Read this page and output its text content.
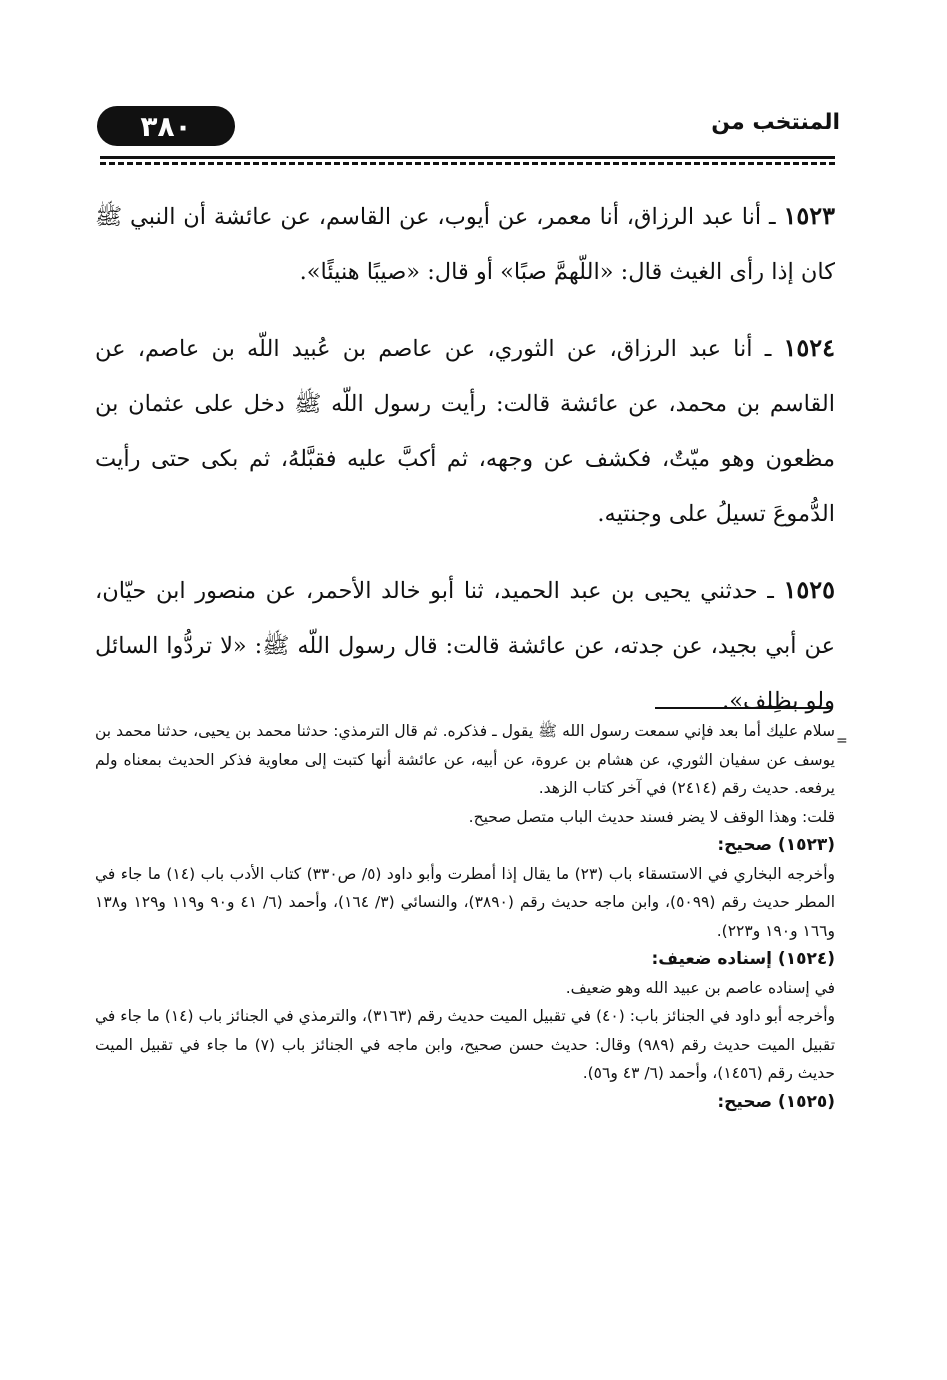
٣٨٠	المنتخب من

١٥٢٣ ـ أنا عبد الرزاق، أنا معمر، عن أيوب، عن القاسم، عن عائشة أن النبي ﷺ كان إذا رأى الغيث قال: «اللّهمَّ صبًا» أو قال: «صيبًا هنيئًا».

١٥٢٤ ـ أنا عبد الرزاق، عن الثوري، عن عاصم بن عُبيد اللّه بن عاصم، عن القاسم بن محمد، عن عائشة قالت: رأيت رسول اللّه ﷺ دخل على عثمان بن مظعون وهو ميّتٌ، فكشف عن وجهه، ثم أكبَّ عليه فقبَّلهُ، ثم بكى حتى رأيت الدُّموعَ تسيلُ على وجنتيه.

١٥٢٥ ـ حدثني يحيى بن عبد الحميد، ثنا أبو خالد الأحمر، عن منصور ابن حيّان، عن أبي بجيد، عن جدته، عن عائشة قالت: قال رسول اللّه ﷺ: «لا تردُّوا السائل ولو بظِلف».

=

سلام عليك أما بعد فإني سمعت رسول الله ﷺ يقول ـ فذكره. ثم قال الترمذي: حدثنا محمد بن يحيى، حدثنا محمد بن يوسف عن سفيان الثوري، عن هشام بن عروة، عن أبيه، عن عائشة أنها كتبت إلى معاوية فذكر الحديث بمعناه ولم يرفعه. حديث رقم (٢٤١٤) في آخر كتاب الزهد.

قلت: وهذا الوقف لا يضر فسند حديث الباب متصل صحيح.

(١٥٢٣) صحيح:

وأخرجه البخاري في الاستسقاء باب (٢٣) ما يقال إذا أمطرت وأبو داود (٥/ ص٣٣٠) كتاب الأدب باب (١٤) ما جاء في المطر حديث رقم (٥٠٩٩)، وابن ماجه حديث رقم (٣٨٩٠)، والنسائي (٣/ ١٦٤)، وأحمد (٦/ ٤١ و٩٠ و١١٩ و١٢٩ و١٣٨ و١٦٦ و١٩٠ و٢٢٣).

(١٥٢٤) إسناده ضعيف:

في إسناده عاصم بن عبيد الله وهو ضعيف.

وأخرجه أبو داود في الجنائز باب: (٤٠) في تقبيل الميت حديث رقم (٣١٦٣)، والترمذي في الجنائز باب (١٤) ما جاء في تقبيل الميت حديث رقم (٩٨٩) وقال: حديث حسن صحيح، وابن ماجه في الجنائز باب (٧) ما جاء في تقبيل الميت حديث رقم (١٤٥٦)، وأحمد (٦/ ٤٣ و٥٦).

(١٥٢٥) صحيح:
